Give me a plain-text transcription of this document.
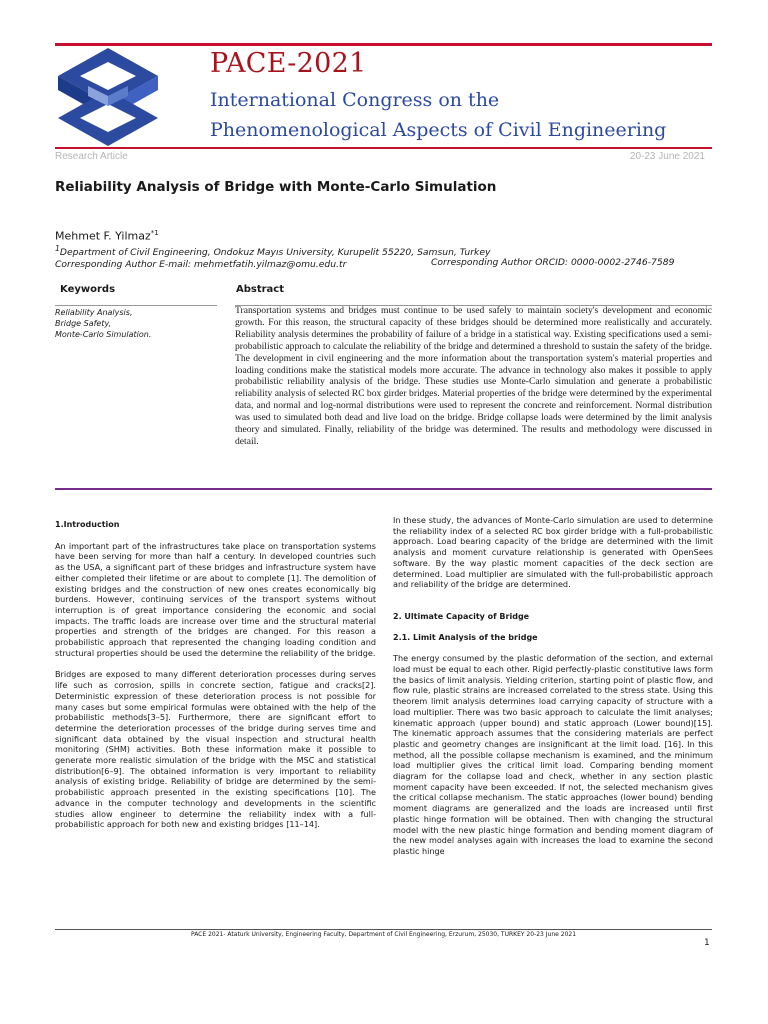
PACE-2021
International Congress on the
Phenomenological Aspects of Civil Engineering
Research Article	20-23 June 2021
Reliability Analysis of Bridge with Monte-Carlo Simulation
Mehmet F. Yilmaz$^{*1}$
$^1$Department of Civil Engineering, Ondokuz Mayıs University, Kurupelit 55220, Samsun, Turkey
Corresponding Author E-mail: mehmetfatih.yilmaz@omu.edu.tr	Corresponding Author ORCID: 0000-0002-2746-7589
Keywords	Abstract
Reliability Analysis,
Bridge Safety,
Monte-Carlo Simulation.
Transportation systems and bridges must continue to be used safely to maintain society's development and economic growth. For this reason, the structural capacity of these bridges should be determined more realistically and accurately. Reliability analysis determines the probability of failure of a bridge in a statistical way. Existing specifications used a semi-probabilistic approach to calculate the reliability of the bridge and determined a threshold to sustain the safety of the bridge. The development in civil engineering and the more information about the transportation system's material properties and loading conditions make the statistical models more accurate. The advance in technology also makes it possible to apply probabilistic reliability analysis of the bridge. These studies use Monte-Carlo simulation and generate a probabilistic reliability analysis of selected RC box girder bridges. Material properties of the bridge were determined by the experimental data, and normal and log-normal distributions were used to represent the concrete and reinforcement. Normal distribution was used to simulated both dead and live load on the bridge. Bridge collapse loads were determined by the limit analysis theory and simulated. Finally, reliability of the bridge was determined. The results and methodology were discussed in detail.
1.Introduction

An important part of the infrastructures take place on transportation systems have been serving for more than half a century. In developed countries such as the USA, a significant part of these bridges and infrastructure system have either completed their lifetime or are about to complete [1]. The demolition of existing bridges and the construction of new ones creates economically big burdens. However, continuing services of the transport systems without interruption is of great importance considering the economic and social impacts. The traffic loads are increase over time and the structural material properties and strength of the bridges are changed. For this reason a probabilistic approach that represented the changing loading condition and structural properties should be used the determine the reliability of the bridge.

Bridges are exposed to many different deterioration processes during serves life such as corrosion, spills in concrete section, fatigue and cracks[2]. Deterministic expression of these deterioration process is not possible for many cases but some empirical formulas were obtained with the help of the probabilistic methods[3–5]. Furthermore, there are significant effort to determine the deterioration processes of the bridge during serves time and significant data obtained by the visual inspection and structural health monitoring (SHM) activities. Both these information make it possible to generate more realistic simulation of the bridge with the MSC and statistical distribution[6–9]. The obtained information is very important to reliability analysis of existing bridge. Reliability of bridge are determined by the semi-probabilistic approach presented in the existing specifications [10]. The advance in the computer technology and developments in the scientific studies allow engineer to determine the reliability index with a full-probabilistic approach for both new and existing bridges [11–14].

In these study, the advances of Monte-Carlo simulation are used to determine the reliability index of a selected RC box girder bridge with a full-probabilistic approach. Load bearing capacity of the bridge are determined with the limit analysis and moment curvature relationship is generated with OpenSees software. By the way plastic moment capacities of the deck section are determined. Load multiplier are simulated with the full-probabilistic approach and reliability of the bridge are determined.

2. Ultimate Capacity of Bridge
2.1. Limit Analysis of the bridge

The energy consumed by the plastic deformation of the section, and external load must be equal to each other. Rigid perfectly-plastic constitutive laws form the basics of limit analysis. Yielding criterion, starting point of plastic flow, and flow rule, plastic strains are increased correlated to the stress state. Using this theorem limit analysis determines load carrying capacity of structure with a load multiplier. There was two basic approach to calculate the limit analyses; kinematic approach (upper bound) and static approach (Lower bound)[15]. The kinematic approach assumes that the considering materials are perfect plastic and geometry changes are insignificant at the limit load. [16]. In this method, all the possible collapse mechanism is examined, and the minimum load multiplier gives the critical limit load. Comparing bending moment diagram for the collapse load and check, whether in any section plastic moment capacity have been exceeded. If not, the selected mechanism gives the critical collapse mechanism. The static approaches (lower bound) bending moment diagrams are generalized and the loads are increased until first plastic hinge formation will be obtained. Then with changing the structural model with the new plastic hinge formation and bending moment diagram of the new model analyses again with increases the load to examine the second plastic hinge

PACE 2021- Ataturk University, Engineering Faculty, Department of Civil Engineering, Erzurum, 25030, TURKEY 20-23 June 2021
1
